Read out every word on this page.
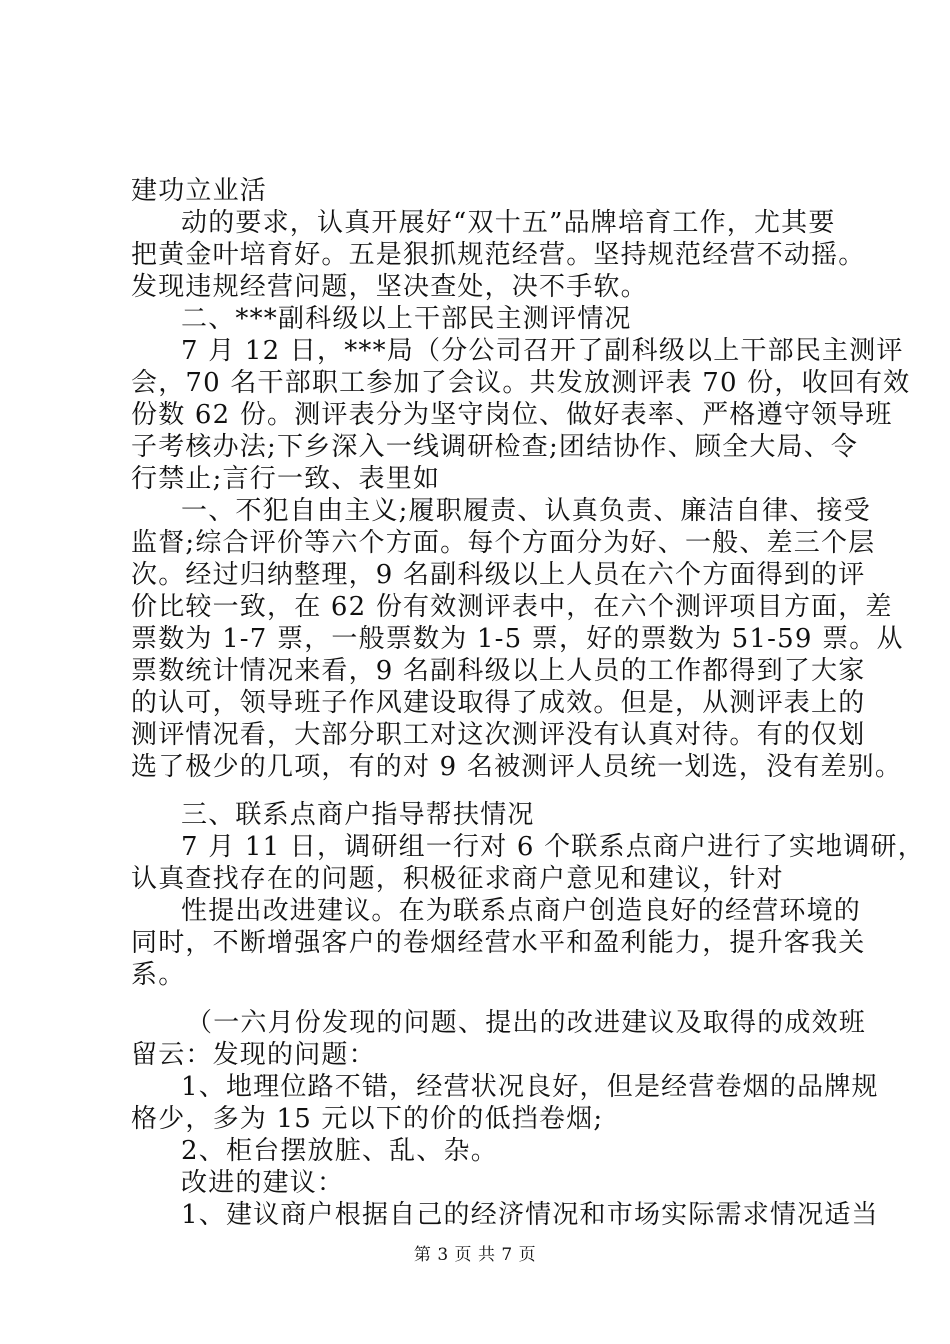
建功立业活
动的要求，认真开展好“双十五”品牌培育工作，尤其要
把黄金叶培育好。五是狠抓规范经营。坚持规范经营不动摇。
发现违规经营问题，坚决查处，决不手软。
二、***副科级以上干部民主测评情况
7 月 12 日，***局（分公司召开了副科级以上干部民主测评
会，70 名干部职工参加了会议。共发放测评表 70 份，收回有效
份数 62 份。测评表分为坚守岗位、做好表率、严格遵守领导班
子考核办法;下乡深入一线调研检查;团结协作、顾全大局、令
行禁止;言行一致、表里如
一、不犯自由主义;履职履责、认真负责、廉洁自律、接受
监督;综合评价等六个方面。每个方面分为好、一般、差三个层
次。经过归纳整理，9 名副科级以上人员在六个方面得到的评
价比较一致，在 62 份有效测评表中，在六个测评项目方面，差
票数为 1-7 票，一般票数为 1-5 票，好的票数为 51-59 票。从
票数统计情况来看，9 名副科级以上人员的工作都得到了大家
的认可，领导班子作风建设取得了成效。但是，从测评表上的
测评情况看，大部分职工对这次测评没有认真对待。有的仅划
选了极少的几项，有的对 9 名被测评人员统一划选，没有差别。
三、联系点商户指导帮扶情况
7 月 11 日，调研组一行对 6 个联系点商户进行了实地调研，
认真查找存在的问题，积极征求商户意见和建议，针对
性提出改进建议。在为联系点商户创造良好的经营环境的
同时，不断增强客户的卷烟经营水平和盈利能力，提升客我关
系。
（一六月份发现的问题、提出的改进建议及取得的成效班
留云：发现的问题：
1、地理位路不错，经营状况良好，但是经营卷烟的品牌规
格少，多为 15 元以下的价的低挡卷烟;
2、柜台摆放脏、乱、杂。
改进的建议：
1、建议商户根据自己的经济情况和市场实际需求情况适当
第 3 页 共 7 页
